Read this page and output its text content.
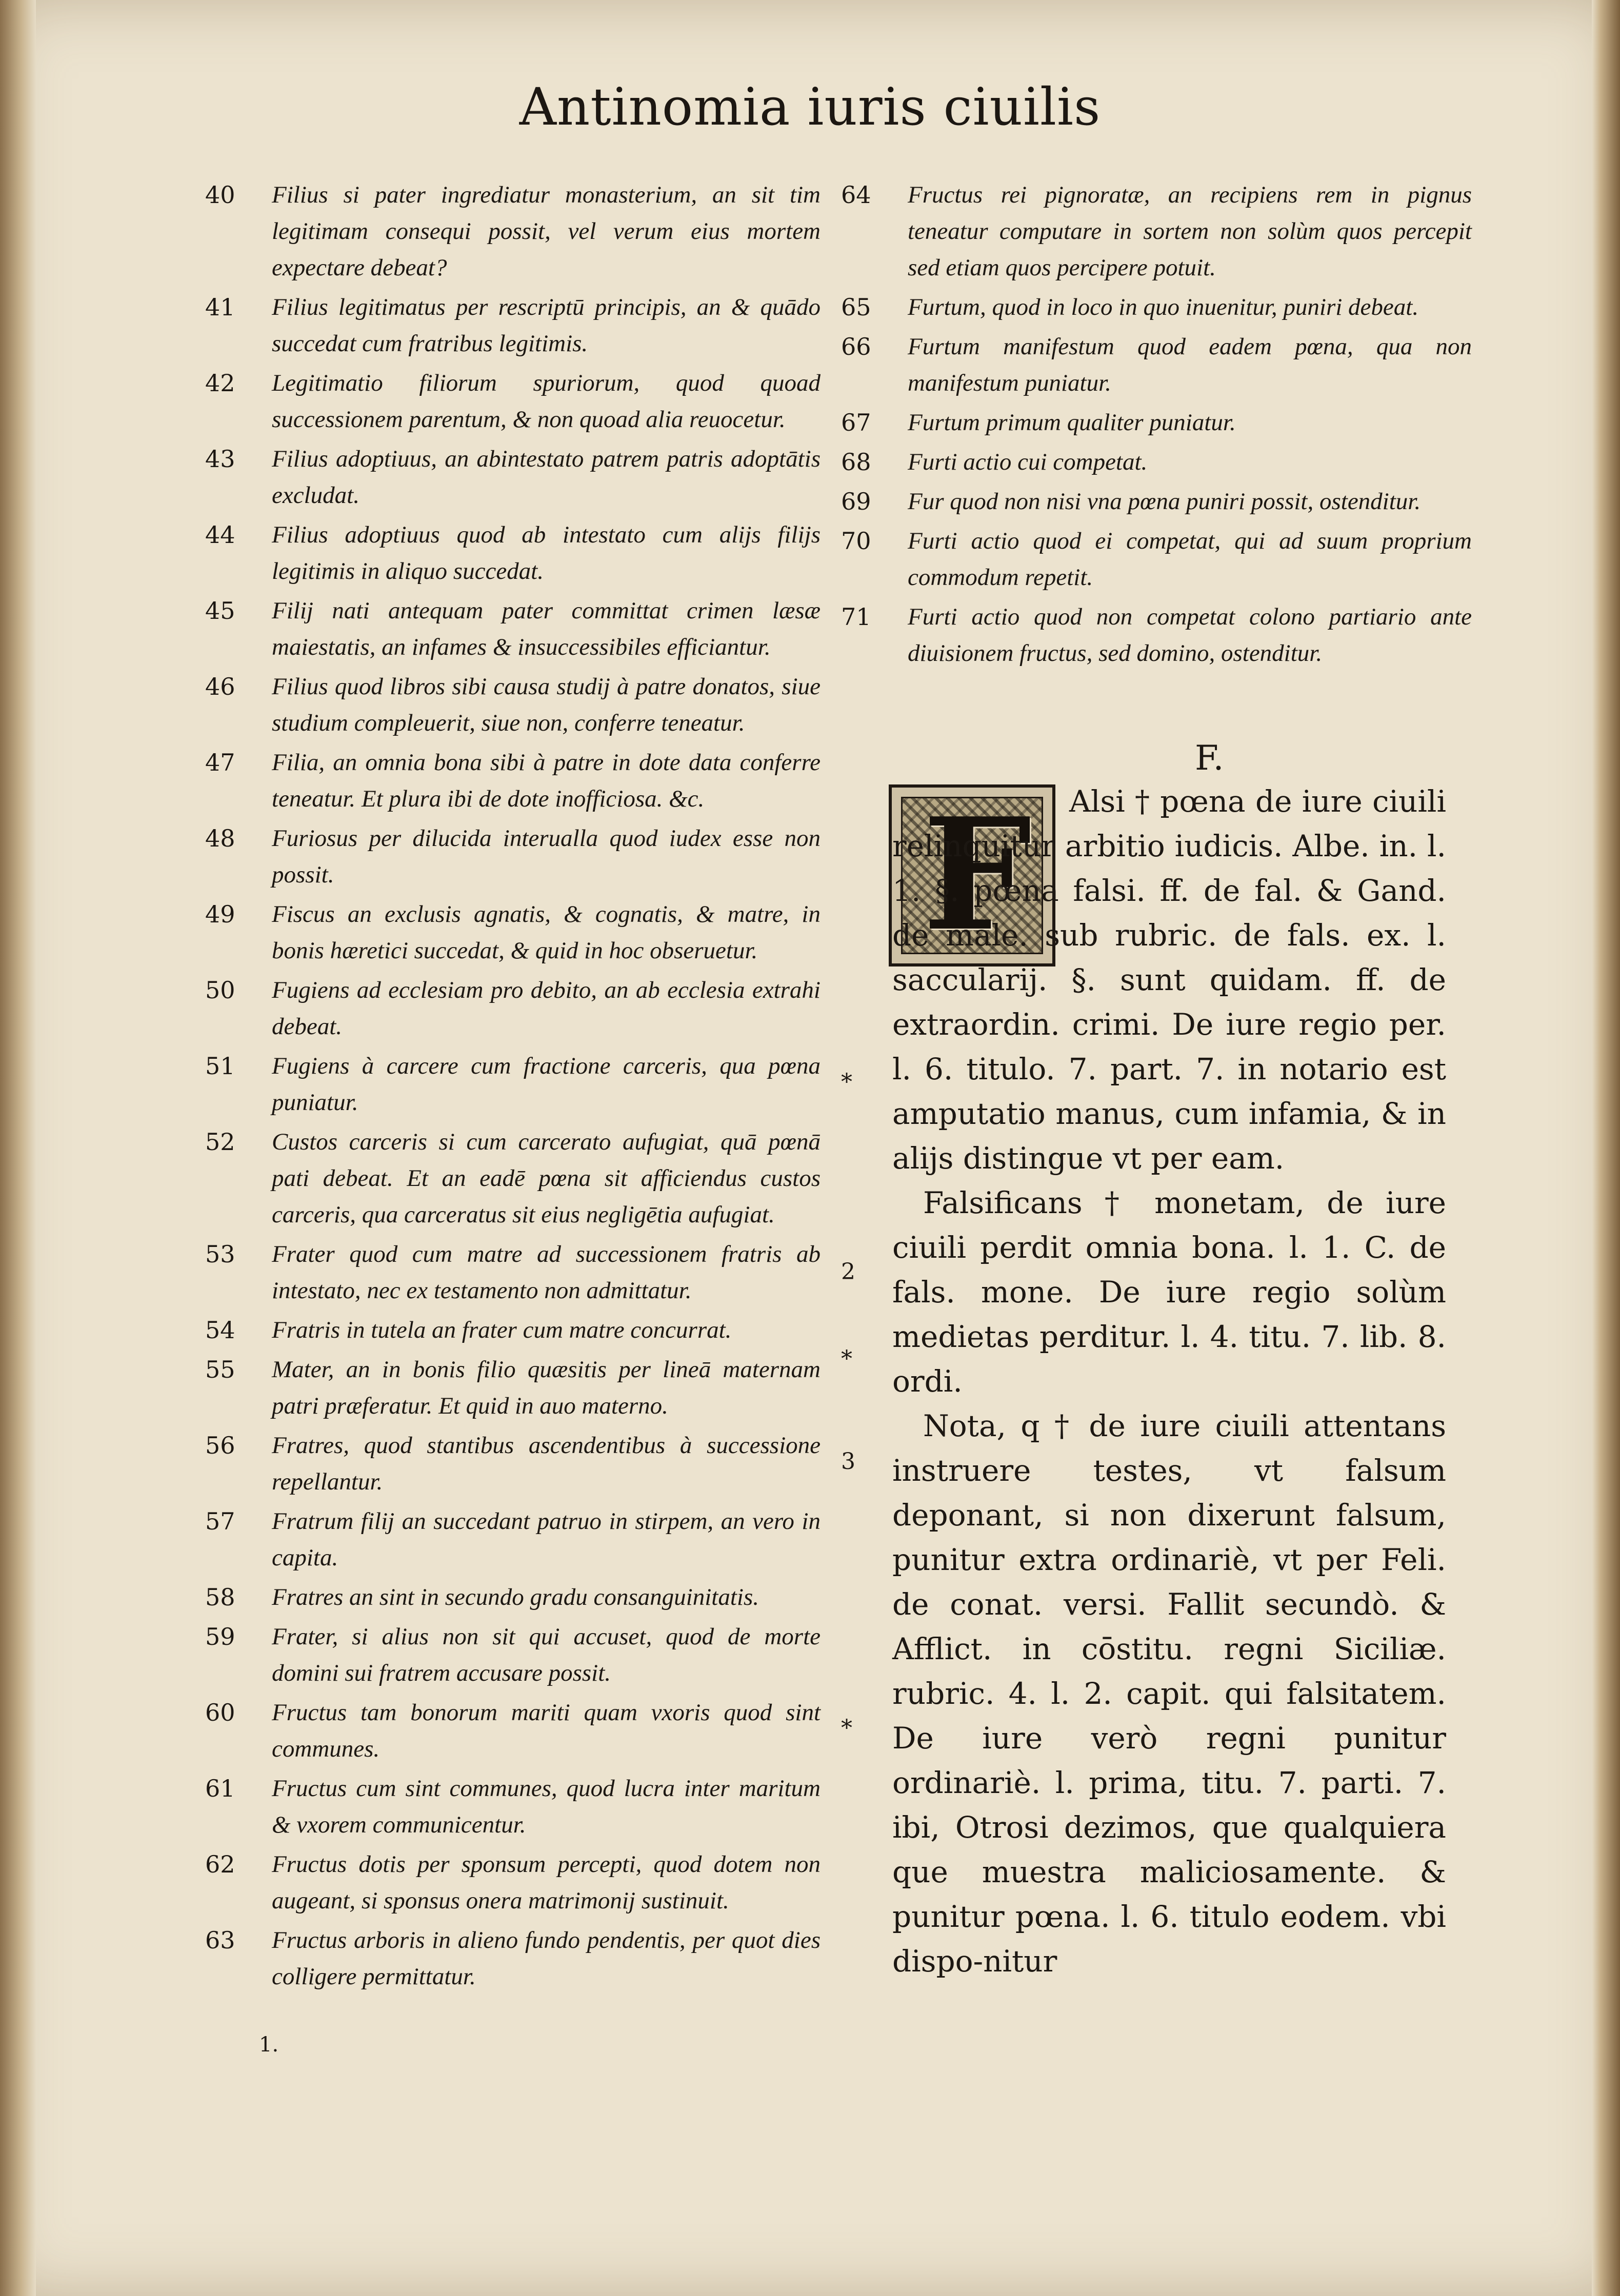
Antinomia iuris ciuilis
40	Filius si pater ingrediatur monasterium, an sit tim legitimam consequi possit, vel verum eius mortem expectare debeat?
41	Filius legitimatus per rescriptū principis, an & quādo succedat cum fratribus legitimis.
42	Legitimatio filiorum spuriorum, quod quoad successionem parentum, & non quoad alia reuocetur.
43	Filius adoptiuus, an abintestato patrem patris adoptātis excludat.
44	Filius adoptiuus quod ab intestato cum alijs filijs legitimis in aliquo succedat.
45	Filij nati antequam pater committat crimen læsæ maiestatis, an infames & insuccessibiles efficiantur.
46	Filius quod libros sibi causa studij à patre donatos, siue studium compleuerit, siue non, conferre teneatur.
47	Filia, an omnia bona sibi à patre in dote data conferre teneatur. Et plura ibi de dote inofficiosa. &c.
48	Furiosus per dilucida interualla quod iudex esse non possit.
49	Fiscus an exclusis agnatis, & cognatis, & matre, in bonis hæretici succedat, & quid in hoc obseruetur.
50	Fugiens ad ecclesiam pro debito, an ab ecclesia extrahi debeat.
51	Fugiens à carcere cum fractione carceris, qua pœna puniatur.
52	Custos carceris si cum carcerato aufugiat, quā pœnā pati debeat. Et an eadē pœna sit afficiendus custos carceris, qua carceratus sit eius negligētia aufugiat.
53	Frater quod cum matre ad successionem fratris ab intestato, nec ex testamento non admittatur.
54	Fratris in tutela an frater cum matre concurrat.
55	Mater, an in bonis filio quæsitis per lineā maternam patri præferatur. Et quid in auo materno.
56	Fratres, quod stantibus ascendentibus à successione repellantur.
57	Fratrum filij an succedant patruo in stirpem, an vero in capita.
58	Fratres an sint in secundo gradu consanguinitatis.
59	Frater, si alius non sit qui accuset, quod de morte domini sui fratrem accusare possit.
60	Fructus tam bonorum mariti quam vxoris quod sint communes.
61	Fructus cum sint communes, quod lucra inter maritum & vxorem communicentur.
62	Fructus dotis per sponsum percepti, quod dotem non augeant, si sponsus onera matrimonij sustinuit.
63	Fructus arboris in alieno fundo pendentis, per quot dies colligere permittatur.
64	Fructus rei pignoratæ, an recipiens rem in pignus teneatur computare in sortem non solùm quos percepit sed etiam quos percipere potuit.
65	Furtum, quod in loco in quo inuenitur, puniri debeat.
66	Furtum manifestum quod eadem pœna, qua non manifestum puniatur.
67	Furtum primum qualiter puniatur.
68	Furti actio cui competat.
69	Fur quod non nisi vna pœna puniri possit, ostenditur.
70	Furti actio quod ei competat, qui ad suum proprium commodum repetit.
71	Furti actio quod non competat colono partiario ante diuisionem fructus, sed domino, ostenditur.
F.
F	Alsi † pœna de iure ciuili relinquitur arbitio iudicis. Albe. in. l. 1. §. pœna falsi. ff. de fal. & Gand. de male. sub rubric. de fals. ex. l. saccularij. §. sunt quidam. ff. de extraordin. crimi. De iure regio per. l. 6. titulo. 7. part. 7. in notario est amputatio manus, cum infamia, & in alijs distingue vt per eam.

Falsificans † monetam, de iure ciuili perdit omnia bona. l. 1. C. de fals. mone. De iure regio solùm medietas perditur. l. 4. titu. 7. lib. 8. ordi.

Nota, q † de iure ciuili attentans instruere testes, vt falsum deponant, si non dixerunt falsum, punitur extra ordinariè, vt per Feli. de conat. versi. Fallit secundò. & Afflict. in cōstitu. regni Siciliæ. rubric. 4. l. 2. capit. qui falsitatem. De iure verò regni punitur ordinariè. l. prima, titu. 7. parti. 7. ibi, Otrosi dezimos, que qualquiera que muestra maliciosamente. & punitur pœna. l. 6. titulo eodem. vbi dispo-nitur

*
2
*
3
*
1.
